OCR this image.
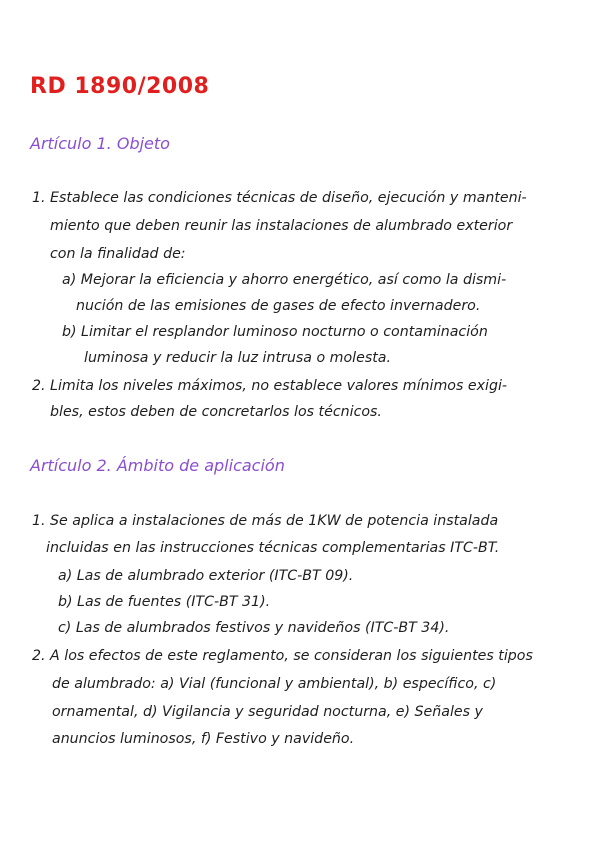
RD 1890/2008
Artículo 1. Objeto
1. Establece las condiciones técnicas de diseño, ejecución y manteni-
miento que deben reunir las instalaciones de alumbrado exterior
con la finalidad de:
a) Mejorar la eficiencia y ahorro energético, así como la dismi-
nución de las emisiones de gases de efecto invernadero.
b) Limitar el resplandor luminoso nocturno o contaminación
luminosa y reducir la luz intrusa o molesta.
2. Limita los niveles máximos, no establece valores mínimos exigi-
bles, estos deben de concretarlos los técnicos.
Artículo 2. Ámbito de aplicación
1. Se aplica a instalaciones de más de 1KW de potencia instalada
incluidas en las instrucciones técnicas complementarias ITC-BT.
a) Las de alumbrado exterior (ITC-BT 09).
b) Las de fuentes (ITC-BT 31).
c) Las de alumbrados festivos y navideños (ITC-BT 34).
2. A los efectos de este reglamento, se consideran los siguientes tipos
de alumbrado: a) Vial (funcional y ambiental), b) específico, c)
ornamental, d) Vigilancia y seguridad nocturna, e) Señales y
anuncios luminosos, f) Festivo y navideño.
